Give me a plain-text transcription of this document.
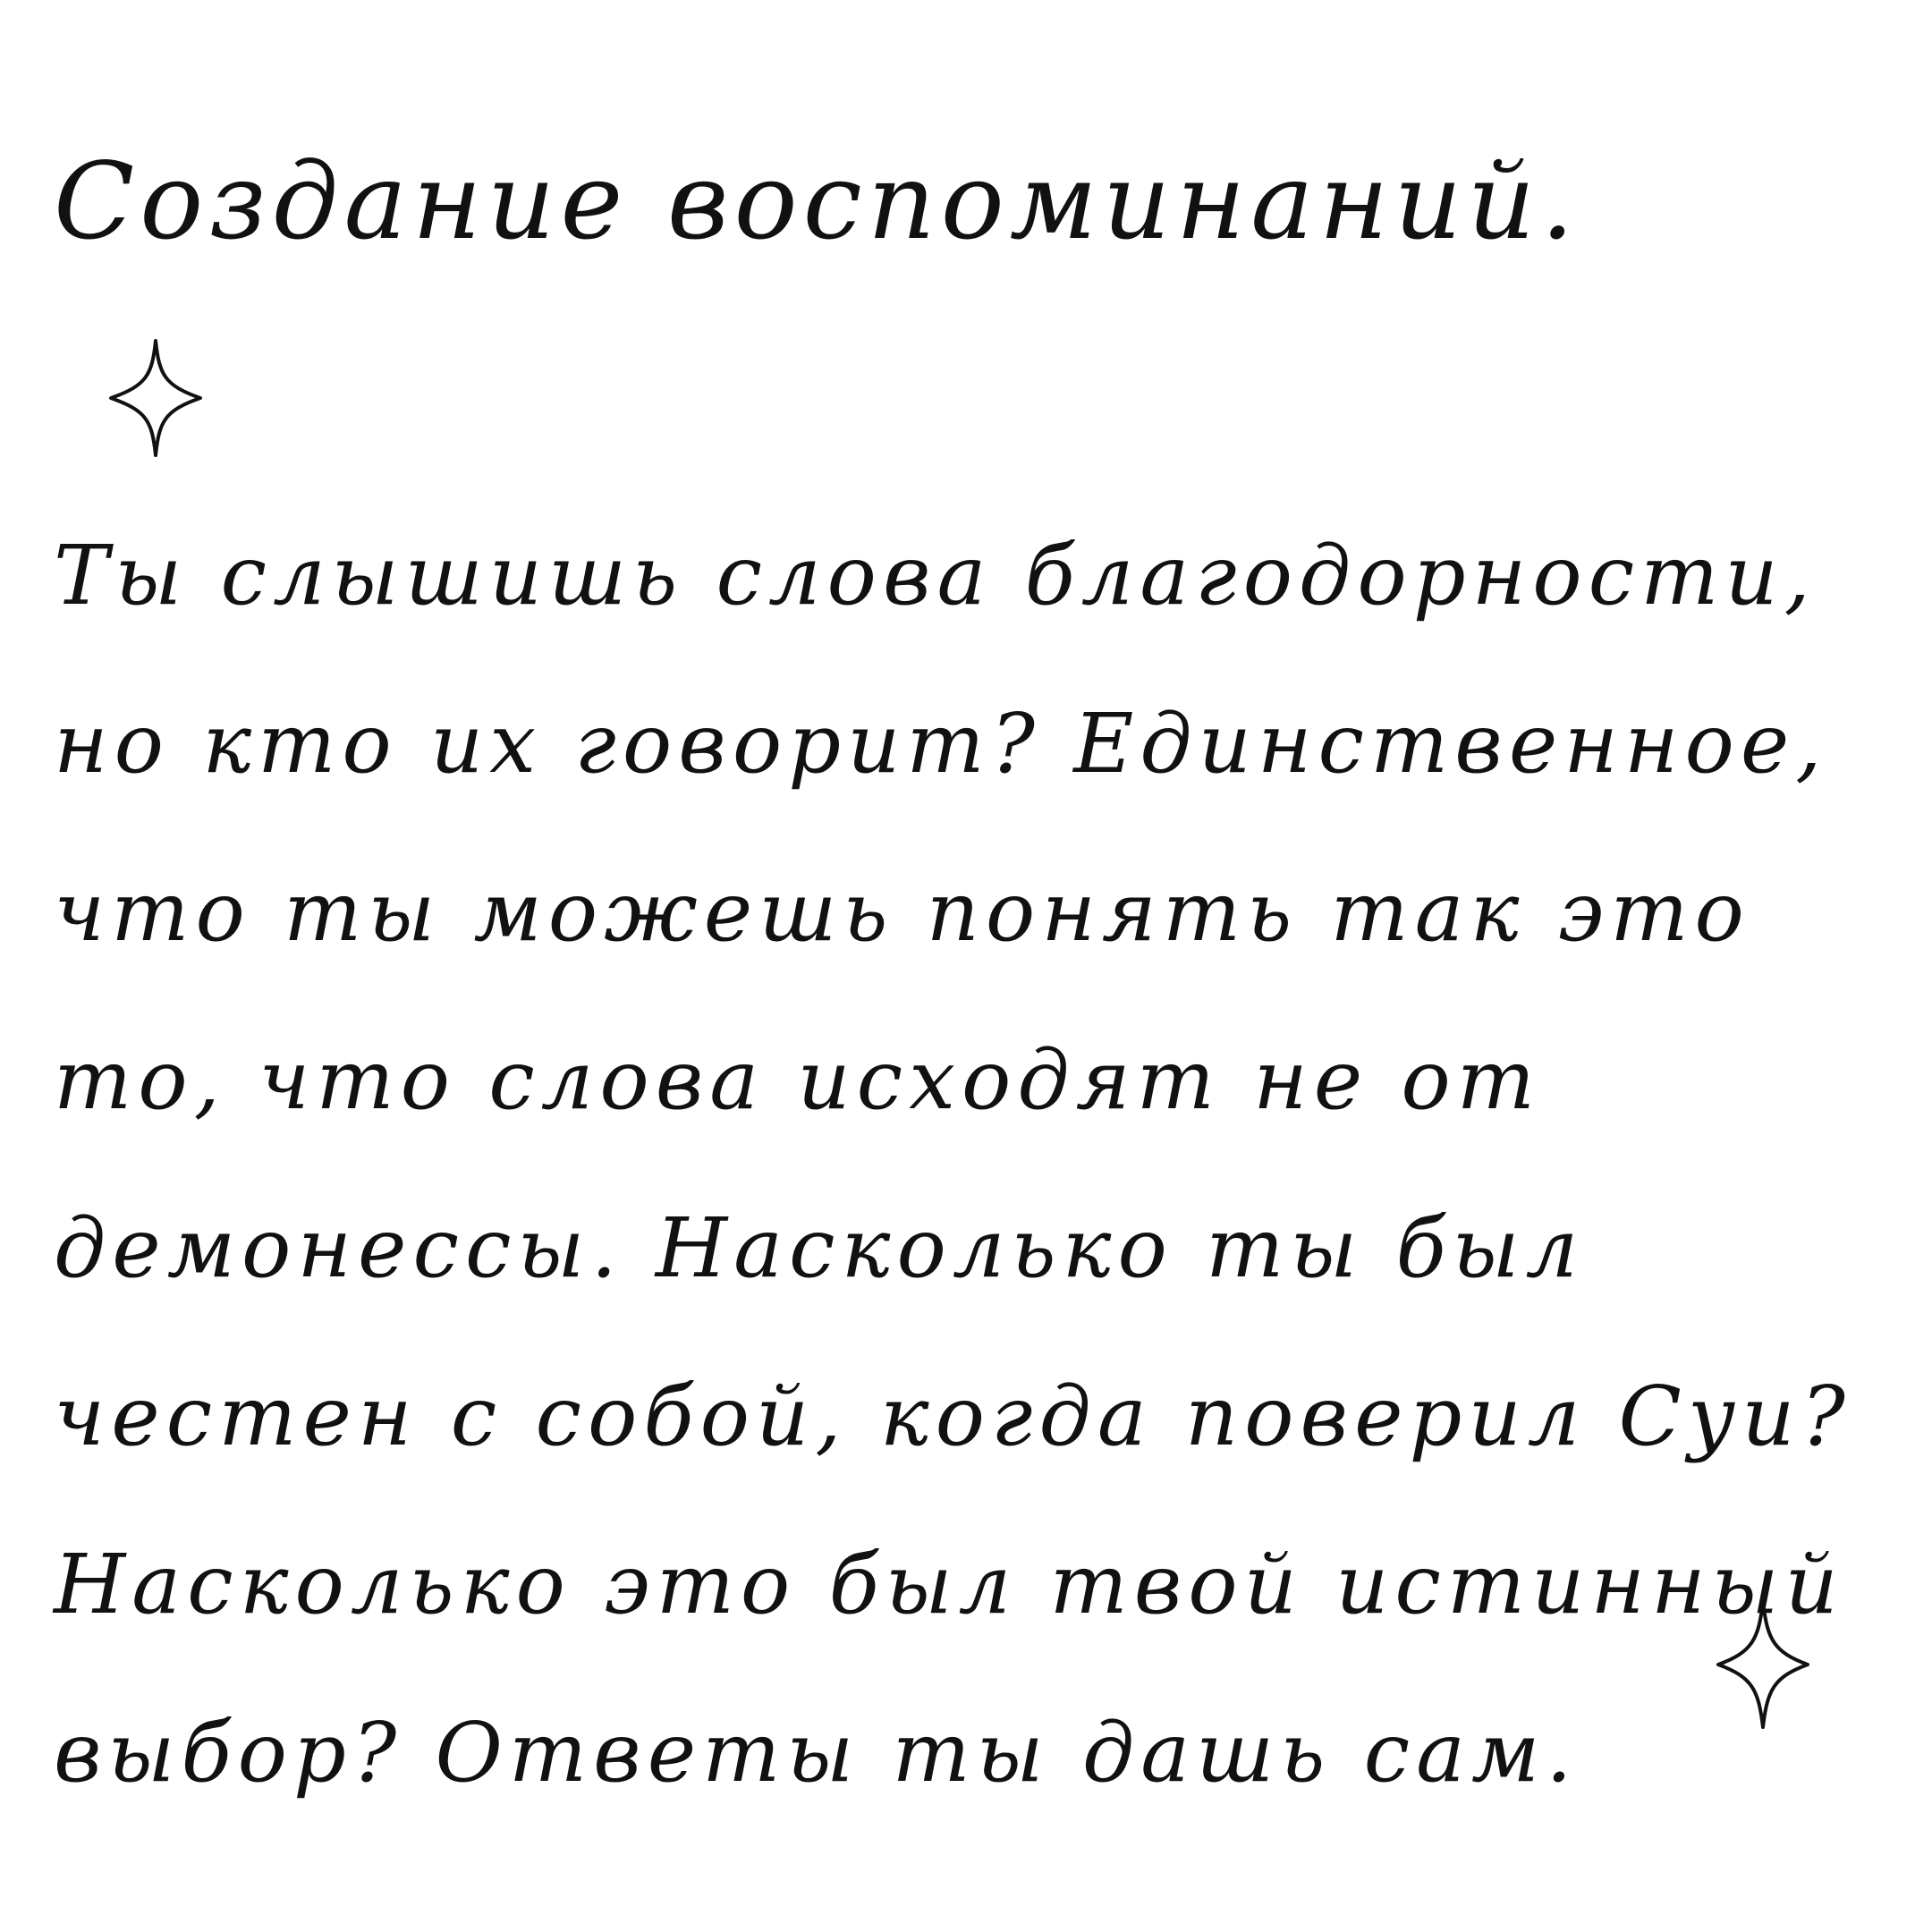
Создание воспоминаний.
Ты слышишь слова благодорности,
но кто их говорит? Единственное,
что ты можешь понять так это
то, что слова исходят не от
демонессы. Насколько ты был
честен с собой, когда поверил Суи?
Насколько это был твой истинный
выбор? Ответы ты дашь сам.
